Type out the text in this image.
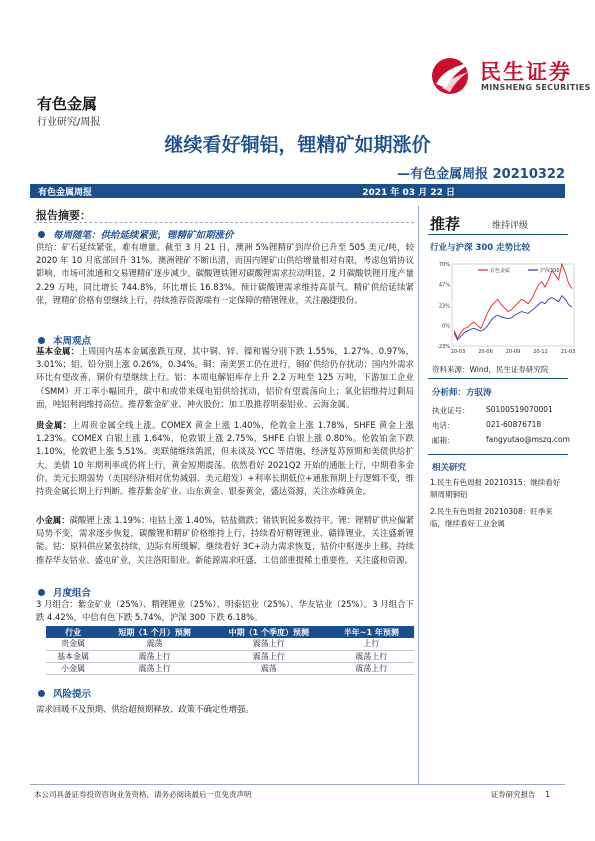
民生证券
MINSHENG SECURITIES
有色金属
行业研究/周报
继续看好铜铝，锂精矿如期涨价
—有色金属周报 20210322
有色金属周报	2021 年 03 月 22 日
报告摘要：
每周随笔：供给延续紧张，锂精矿如期涨价
供给：矿石延续紧张，难有增量。截至 3 月 21 日，澳洲 5%锂精矿到岸价已升至 505 美元/吨，较 2020 年 10 月底部回升 31%。澳洲锂矿不断出清，而国内锂矿山供给增量相对有限，考虑包销协议影响，市场可流通和交易锂精矿逐步减少。碳酸锂铁锂对碳酸锂需求拉动明显，2 月碳酸铁锂月度产量 2.29 万吨，同比增长 744.8%，环比增长 16.83%。预计碳酸锂需求维持高景气。精矿供给延续紧张，锂精矿价格有望继续上行，持续推荐资源端有一定保障的精锂锂业，关注融捷股份。
本周观点
基本金属：上周国内基本金属涨跌互现，其中铜、锌、镍和锡分别下跌 1.55%，1.27%、0.97%，3.01%；铝、铅分别上涨 0.26%，0.34%。铜：南美罢工仍在进行，铜矿供给仍存扰动；国内外需求环比有望改善，铜价有望继续上行。铝：本周电解铝库存上升 2.2 万吨至 125 万吨，下游加工企业（SMM）开工率小幅回升，碳中和或带来煤电铝供给扰动，铝价有望震荡向上；氧化铝维持过剩局面，吨铝利润维持高位。推荐紫金矿业、神火股份；加工股推荐明泰铝业、云海金属。
贵金属：上周贵金属全线上涨。COMEX 黄金上涨 1.40%，伦敦金上涨 1.78%，SHFE 黄金上涨 1.23%。COMEX 白银上涨 1.64%，伦敦银上涨 2.75%，SHFE 白银上涨 0.80%。伦敦铂金下跌 1.10%，伦敦钯上涨 5.51%。美联储继续鸽派，但未谈及 YCC 等措施，经济复苏预期和美债供给扩大，美债 10 年期利率或仍将上行，黄金短期震荡。依然看好 2021Q2 开始的通胀上行，中期看多金价。美元长期弱势（美国经济相对优势减弱、美元超发）+利率长期低位+通胀预期上行逻辑不变，维持贵金属长期上行判断。推荐紫金矿业、山东黄金、银泰黄金，盛达资源，关注赤峰黄金。
小金属：碳酸锂上涨 1.19%；电钴上涨 1.40%，钴盐微跌；锗铁钒锐多数持平。锂：锂精矿供应偏紧局势不变，需求逐步恢复，碳酸锂和精矿价格维持上行，持续看好精锂锂业、赣锋锂业，关注盛新锂能。钴：原料供应紧张持续，边际有所缓解，继续看好 3C+动力需求恢复，钴价中枢逐步上移，持续推荐华友钴业、盛屯矿业，关注洛阳钼业。新能源需求旺盛，工信部重提稀土重要性，关注盛和资源。
月度组合
3 月组合：紫金矿业（25%）、精锂锂业（25%）、明泰铝业（25%）、华友钴业（25%）。3 月组合下跌 4.42%，中信有色下跌 5.74%，沪深 300 下跌 6.18%。
行业	短期（1 个月）预测	中期（1 个季度）预测	半年~1 年预测
贵金属	震荡	震荡上行	上行
基本金属	震荡上行	震荡上行	震荡上行
小金属	震荡上行	震荡	震荡上行
风险提示
需求回暖不及预期、供给超预期释放、政策不确定性增强。
推荐	维持评级
行业与沪深 300 走势比较
70%
47%
23%
0%
-23%
20-03	20-06	20-09	20-12	21-03
有色金属	沪深300
资料来源：Wind，民生证券研究院
分析师：方驭涛
执业证号： S0100519070001
电话：	021-60876718
邮箱：	fangyutao@mszq.com
相关研究
1.民生有色周报 20210315：继续看好顺周期铜铝
2.民生有色周报 20210308：旺季来临，继续看好工业金属
本公司具备证券投资咨询业务资格，请务必阅读最后一页免责声明	证券研究报告 1
